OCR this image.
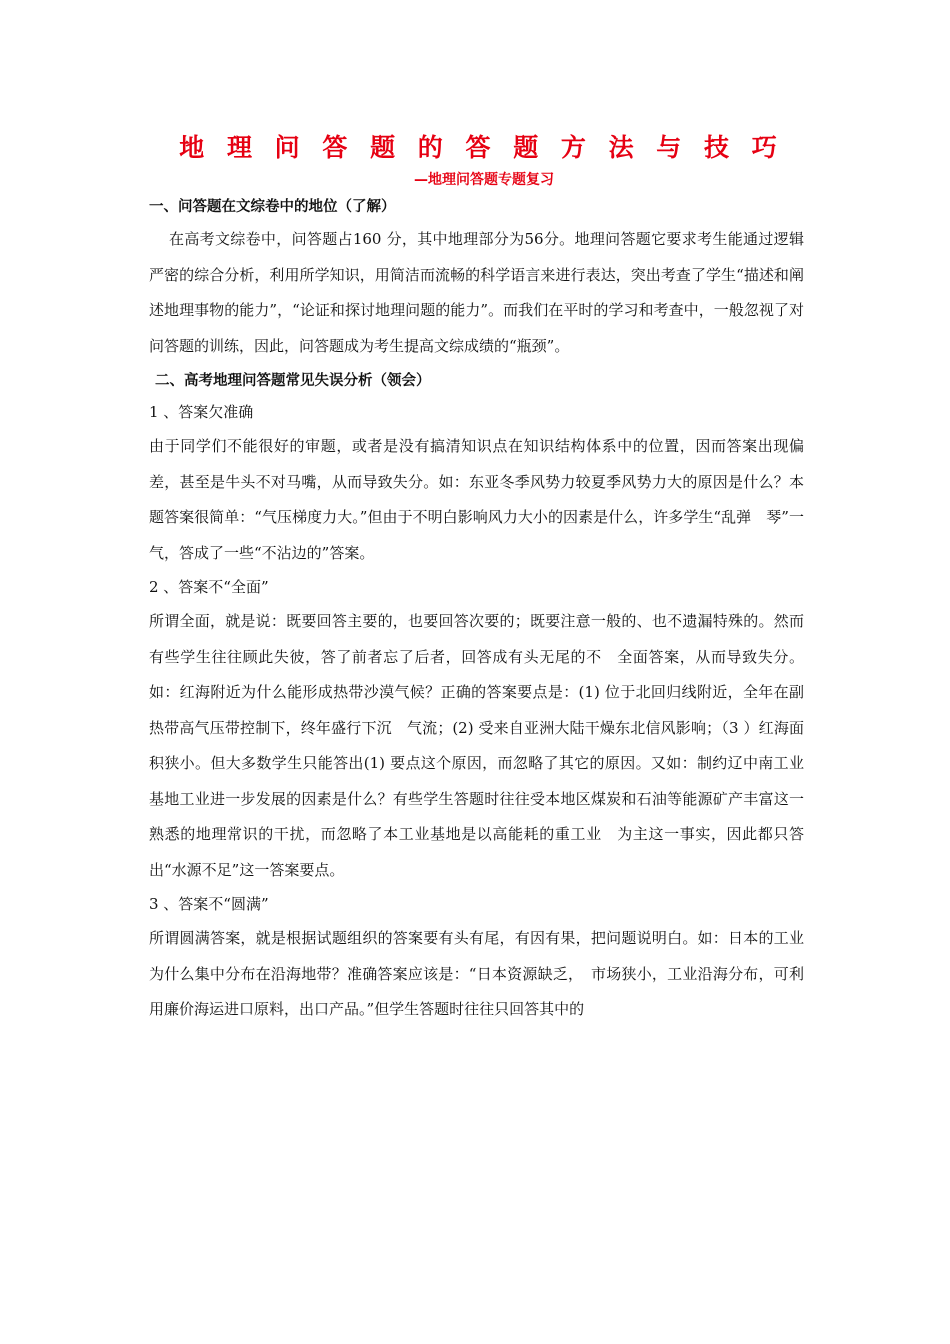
地 理 问 答 题 的 答 题 方 法 与 技 巧

—地理问答题专题复习

一、问答题在文综卷中的地位（了解）

在高考文综卷中，问答题占160 分，其中地理部分为56分。地理问答题它要求考生能通过逻辑严密的综合分析，利用所学知识，用简洁而流畅的科学语言来进行表达，突出考查了学生“描述和阐述地理事物的能力”，“论证和探讨地理问题的能力”。而我们在平时的学习和考查中，一般忽视了对问答题的训练，因此，问答题成为考生提高文综成绩的“瓶颈”。

二、高考地理问答题常见失误分析（领会）

1 、答案欠准确

由于同学们不能很好的审题，或者是没有搞清知识点在知识结构体系中的位置，因而答案出现偏差，甚至是牛头不对马嘴，从而导致失分。如：东亚冬季风势力较夏季风势力大的原因是什么？本题答案很简单：“气压梯度力大。”但由于不明白影响风力大小的因素是什么，许多学生“乱弹　琴”一气，答成了一些“不沾边的”答案。

2 、答案不“全面”

所谓全面，就是说：既要回答主要的，也要回答次要的；既要注意一般的、也不遗漏特殊的。然而有些学生往往顾此失彼，答了前者忘了后者，回答成有头无尾的不　全面答案，从而导致失分。如：红海附近为什么能形成热带沙漠气候？正确的答案要点是：(1) 位于北回归线附近，全年在副热带高气压带控制下，终年盛行下沉　气流；(2) 受来自亚洲大陆干燥东北信风影响；（3 ）红海面积狭小。但大多数学生只能答出(1) 要点这个原因，而忽略了其它的原因。又如：制约辽中南工业　基地工业进一步发展的因素是什么？有些学生答题时往往受本地区煤炭和石油等能源矿产丰富这一熟悉的地理常识的干扰，而忽略了本工业基地是以高能耗的重工业　为主这一事实，因此都只答出“水源不足”这一答案要点。

3 、答案不“圆满”

所谓圆满答案，就是根据试题组织的答案要有头有尾，有因有果，把问题说明白。如：日本的工业为什么集中分布在沿海地带？准确答案应该是：“日本资源缺乏，　市场狭小，工业沿海分布，可利用廉价海运进口原料，出口产品。”但学生答题时往往只回答其中的
